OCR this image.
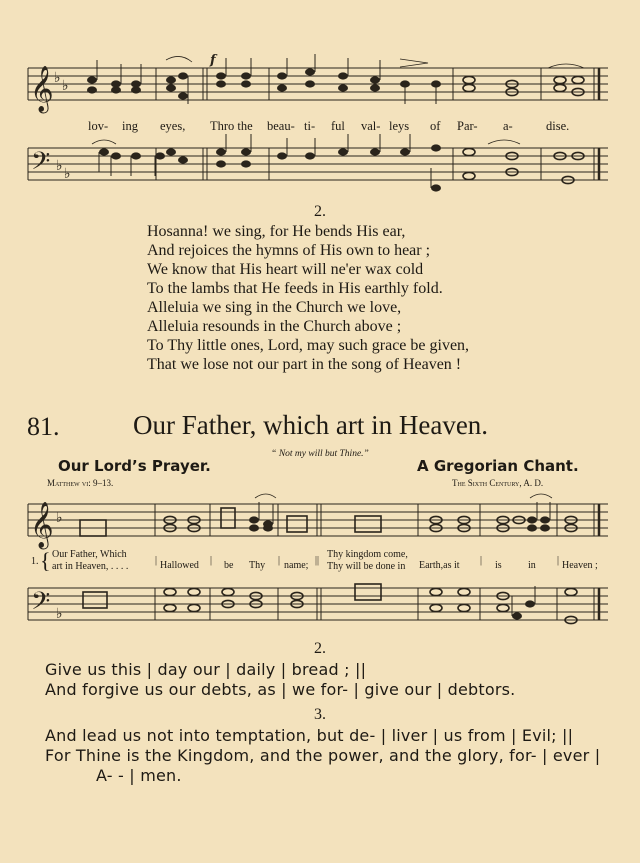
𝄞 ♭ ♭
f
lov- ing eyes, Thro the beau- ti- ful val- leys of Par- a-	dise.
𝄢 ♭ ♭
2.
Hosanna! we sing, for He bends His ear,
And rejoices the hymns of His own to hear ;
We know that His heart will ne'er wax cold
To the lambs that He feeds in His earthly fold.
Alleluia we sing in the Church we love,
Alleluia resounds in the Church above ;
To Thy little ones, Lord, may such grace be given,
That we lose not our part in the song of Heaven !
81.	Our Father, which art in Heaven.
“ Not my will but Thine.”
Our Lord’s Prayer.	A Gregorian Chant.
Matthew vi: 9–13.	The Sixth Century, A. D.
𝄞 ♭
1. { Our Father, Which
art in Heaven, . . . .
| Hallowed | be Thy | name; ||
Thy kingdom come,
Thy will be done in Earth,as it | is	in | Heaven ;
𝄢 ♭
2.
Give us this | day our | daily | bread ; ||
And forgive us our debts, as | we for- | give our | debtors.
3.
And lead us not into temptation, but de- | liver | us from | Evil; ||
For Thine is the Kingdom, and the power, and the glory, for- | ever |
A- - | men.
